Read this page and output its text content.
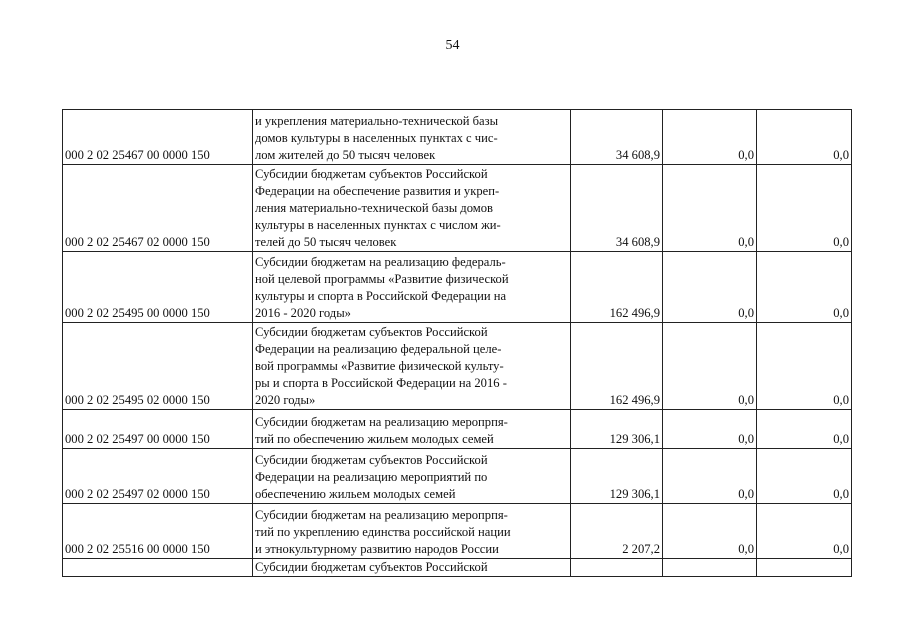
54
000 2 02 25467 00 0000 150	и укрепления материально-технической базы
домов культуры в населенных пунктах с чис-
лом жителей до 50 тысяч человек	34 608,9	0,0	0,0
000 2 02 25467 02 0000 150	Субсидии бюджетам субъектов Российской
Федерации на обеспечение развития и укреп-
ления материально-технической базы домов
культуры в населенных пунктах с числом жи-
телей до 50 тысяч человек	34 608,9	0,0	0,0
000 2 02 25495 00 0000 150	Субсидии бюджетам на реализацию федераль-
ной целевой программы «Развитие физической
культуры и спорта в Российской Федерации на
2016 - 2020 годы»	162 496,9	0,0	0,0
000 2 02 25495 02 0000 150	Субсидии бюджетам субъектов Российской
Федерации на реализацию федеральной целе-
вой программы «Развитие физической культу-
ры и спорта в Российской Федерации на 2016 -
2020 годы»	162 496,9	0,0	0,0
000 2 02 25497 00 0000 150	Субсидии бюджетам на реализацию меропрпя-
тий по обеспечению жильем молодых семей	129 306,1	0,0	0,0
000 2 02 25497 02 0000 150	Субсидии бюджетам субъектов Российской
Федерации на реализацию мероприятий по
обеспечению жильем молодых семей	129 306,1	0,0	0,0
000 2 02 25516 00 0000 150	Субсидии бюджетам на реализацию меропрпя-
тий по укреплению единства российской нации
и этнокультурному развитию народов России	2 207,2	0,0	0,0

	Субсидии бюджетам субъектов Российской			
